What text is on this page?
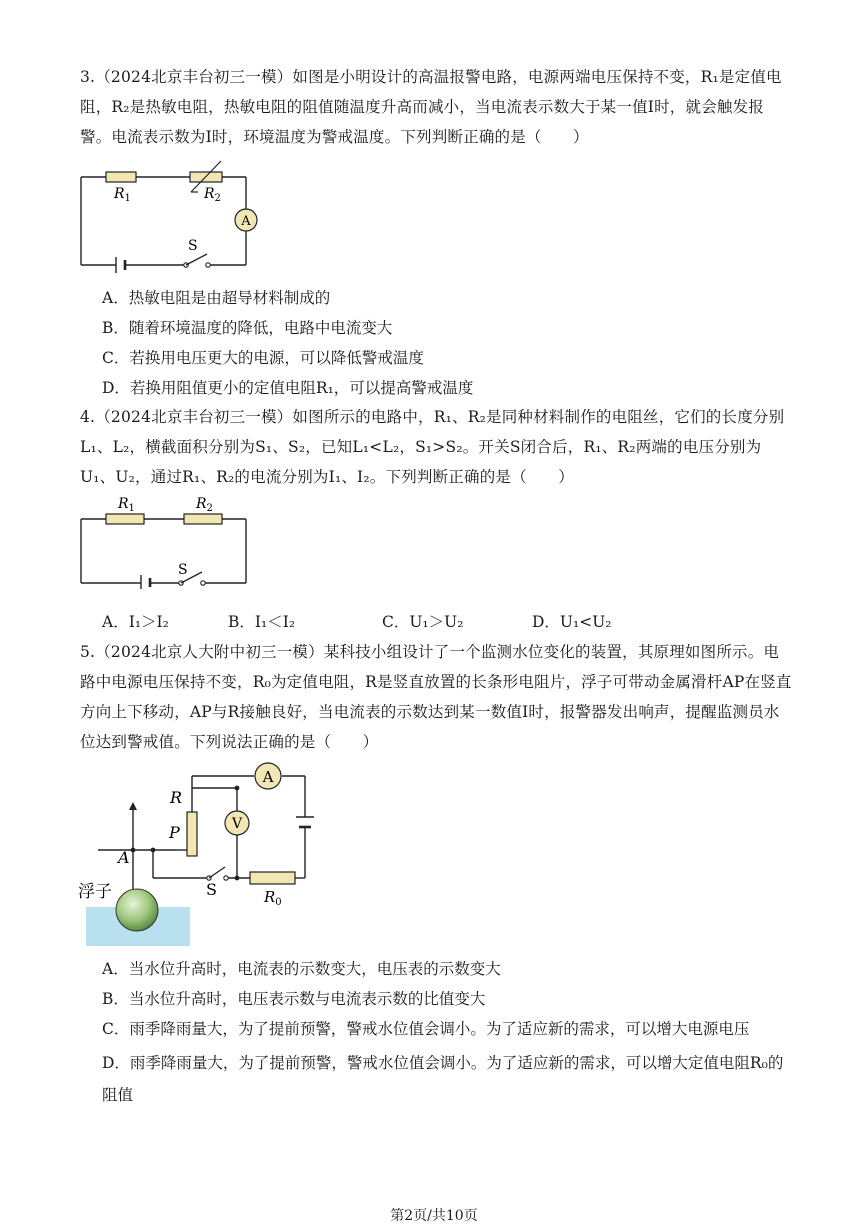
3.（2024北京丰台初三一模）如图是小明设计的高温报警电路，电源两端电压保持不变，R₁是定值电阻，R₂是热敏电阻，热敏电阻的阻值随温度升高而减小，当电流表示数大于某一值I时，就会触发报警。电流表示数为I时，环境温度为警戒温度。下列判断正确的是（　　）
$R_1$	$R_2$
A
S
A．热敏电阻是由超导材料制成的
B．随着环境温度的降低，电路中电流变大
C．若换用电压更大的电源，可以降低警戒温度
D．若换用阻值更小的定值电阻R₁，可以提高警戒温度
4.（2024北京丰台初三一模）如图所示的电路中，R₁、R₂是同种材料制作的电阻丝，它们的长度分别L₁、L₂，横截面积分别为S₁、S₂，已知L₁<L₂，S₁>S₂。开关S闭合后，R₁、R₂两端的电压分别为U₁、U₂，通过R₁、R₂的电流分别为I₁、I₂。下列判断正确的是（　　）
$R_1$	$R_2$
S
A．I₁＞I₂	B．I₁＜I₂	C．U₁＞U₂	D．U₁<U₂
5.（2024北京人大附中初三一模）某科技小组设计了一个监测水位变化的装置，其原理如图所示。电路中电源电压保持不变，R₀为定值电阻，R是竖直放置的长条形电阻片，浮子可带动金属滑杆AP在竖直方向上下移动，AP与R接触良好，当电流表的示数达到某一数值I时，报警器发出响声，提醒监测员水位达到警戒值。下列说法正确的是（　　）
V
A
$R_0$
S
R
P
A
浮子
A．当水位升高时，电流表的示数变大，电压表的示数变大
B．当水位升高时，电压表示数与电流表示数的比值变大
C．雨季降雨量大，为了提前预警，警戒水位值会调小。为了适应新的需求，可以增大电源电压
D．雨季降雨量大，为了提前预警，警戒水位值会调小。为了适应新的需求，可以增大定值电阻R₀的阻值
第2页/共10页
